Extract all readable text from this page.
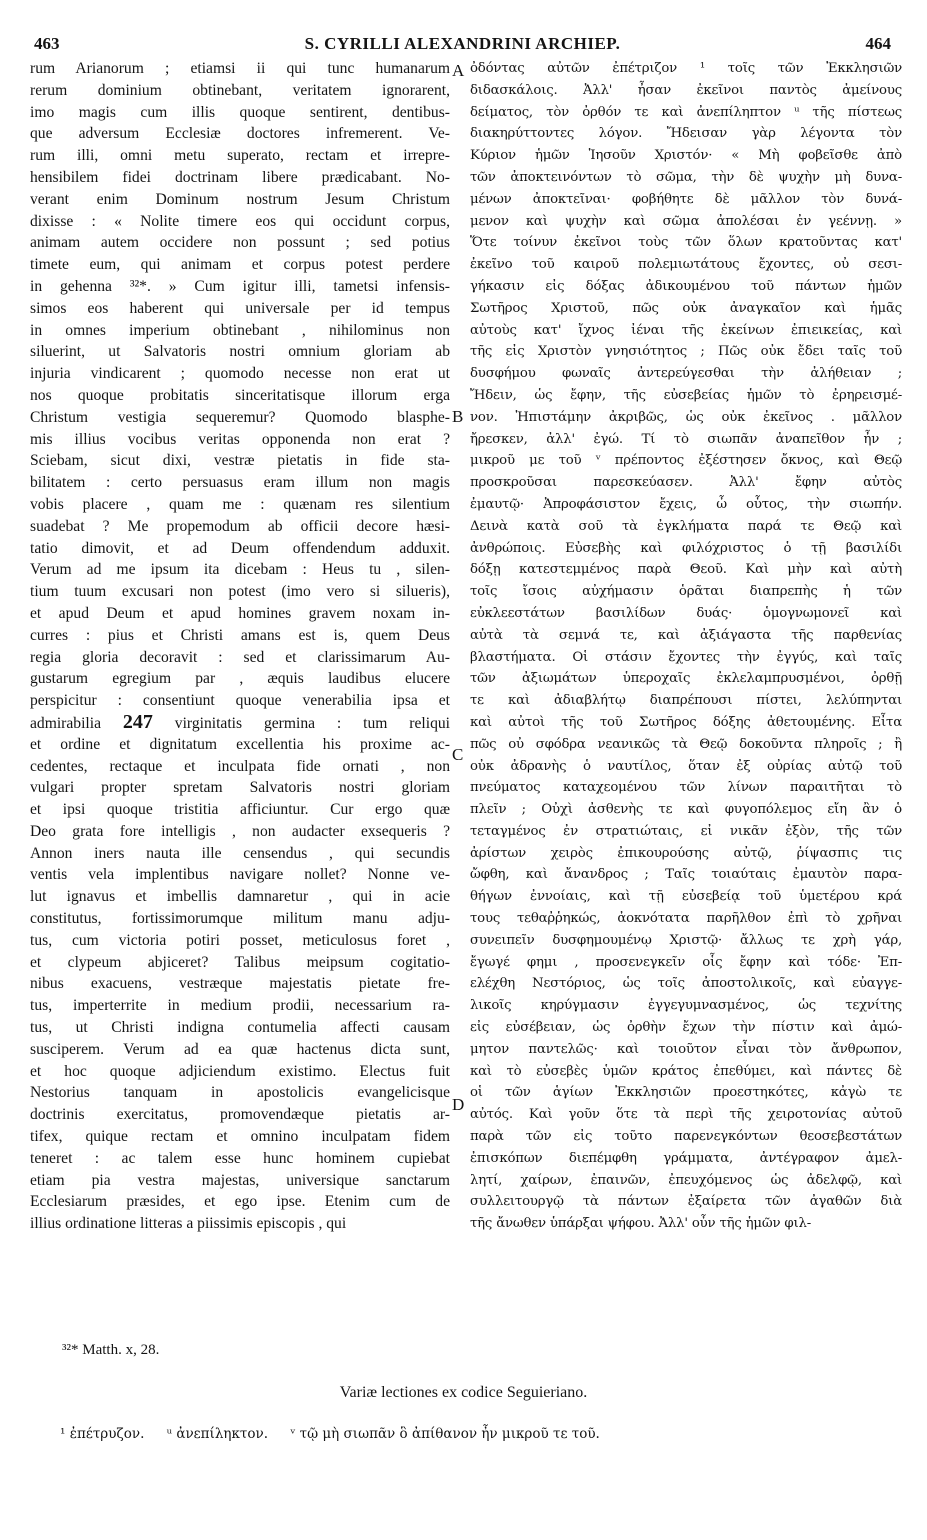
463	S. CYRILLI ALEXANDRINI ARCHIEP.	464
rum Arianorum ; etiamsi ii qui tunc humanarum
rerum dominium obtinebant, veritatem ignorarent,
imo magis cum illis quoque sentirent, dentibus-
que adversum Ecclesiæ doctores infremerent. Ve-
rum illi, omni metu superato, rectam et irrepre-
hensibilem fidei doctrinam libere prædicabant. No-
verant enim Dominum nostrum Jesum Christum
dixisse : « Nolite timere eos qui occidunt corpus,
animam autem occidere non possunt ; sed potius
timete eum, qui animam et corpus potest perdere
in gehenna ³²*. » Cum igitur illi, tametsi infensis-
simos eos haberent qui universale per id tempus
in omnes imperium obtinebant , nihilominus non
siluerint, ut Salvatoris nostri omnium gloriam ab
injuria vindicarent ; quomodo necesse non erat ut
nos quoque probitatis sinceritatisque illorum erga
Christum vestigia sequeremur? Quomodo blasphe-
mis illius vocibus veritas opponenda non erat ?
Sciebam, sicut dixi, vestræ pietatis in fide sta-
bilitatem : certo persuasus eram illum non magis
vobis placere , quam me : quænam res silentium
suadebat ? Me propemodum ab officii decore hæsi-
tatio dimovit, et ad Deum offendendum adduxit.
Verum ad me ipsum ita dicebam : Heus tu , silen-
tium tuum excusari non potest (imo vero si silueris),
et apud Deum et apud homines gravem noxam in-
curres : pius et Christi amans est is, quem Deus
regia gloria decoravit : sed et clarissimarum Au-
gustarum egregium par , æquis laudibus elucere
perspicitur : consentiunt quoque venerabilia ipsa et
admirabilia 247 virginitatis germina : tum reliqui
et ordine et dignitatum excellentia his proxime ac-
cedentes, rectaque et inculpata fide ornati , non
vulgari propter spretam Salvatoris nostri gloriam
et ipsi quoque tristitia afficiuntur. Cur ergo quæ
Deo grata fore intelligis , non audacter exsequeris ?
Annon iners nauta ille censendus , qui secundis
ventis vela implentibus navigare nollet? Nonne ve-
lut ignavus et imbellis damnaretur , qui in acie
constitutus, fortissimorumque militum manu adju-
tus, cum victoria potiri posset, meticulosus foret ,
et clypeum abjiceret? Talibus meipsum cogitatio-
nibus exacuens, vestræque majestatis pietate fre-
tus, imperterrite in medium prodii, necessarium ra-
tus, ut Christi indigna contumelia affecti causam
susciperem. Verum ad ea quæ hactenus dicta sunt,
et hoc quoque adjiciendum existimo. Electus fuit
Nestorius tanquam in apostolicis evangelicisque
doctrinis exercitatus, promovendæque pietatis ar-
tifex, quique rectam et omnino inculpatam fidem
teneret : ac talem esse hunc hominem cupiebat
etiam pia vestra majestas, universique sanctarum
Ecclesiarum præsides, et ego ipse. Etenim cum de
illius ordinatione litteras a piissimis episcopis , qui
ὀδόντας αὐτῶν ἐπέτριζον ¹ τοῖς τῶν Ἐκκλησιῶν
διδασκάλοις. Ἀλλ' ἦσαν ἐκεῖνοι παντὸς ἀμείνους
δείματος, τὸν ὀρθόν τε καὶ ἀνεπίληπτον ᵘ τῆς πίστεως
διακηρύττοντες λόγον. Ἤδεισαν γὰρ λέγοντα τὸν
Κύριον ἡμῶν Ἰησοῦν Χριστόν· « Μὴ φοβεῖσθε ἀπὸ
τῶν ἀποκτεινόντων τὸ σῶμα, τὴν δὲ ψυχὴν μὴ δυνα-
μένων ἀποκτεῖναι· φοβήθητε δὲ μᾶλλον τὸν δυνά-
μενον καὶ ψυχὴν καὶ σῶμα ἀπολέσαι ἐν γεέννῃ. »
Ὅτε τοίνυν ἐκεῖνοι τοὺς τῶν ὅλων κρατοῦντας κατ'
ἐκεῖνο τοῦ καιροῦ πολεμιωτάτους ἔχοντες, οὐ σεσι-
γήκασιν εἰς δόξας ἀδικουμένου τοῦ πάντων ἡμῶν
Σωτῆρος Χριστοῦ, πῶς οὐκ ἀναγκαῖον καὶ ἡμᾶς
αὐτοὺς κατ' ἴχνος ἰέναι τῆς ἐκείνων ἐπιεικείας, καὶ
τῆς εἰς Χριστὸν γνησιότητος ; Πῶς οὐκ ἔδει ταῖς τοῦ
δυσφήμου φωναῖς ἀντερεύγεσθαι τὴν ἀλήθειαν ;
Ἤδειν, ὡς ἔφην, τῆς εὐσεβείας ἡμῶν τὸ ἐρηρεισμέ-
νον. Ἠπιστάμην ἀκριβῶς, ὡς οὐκ ἐκεῖνος . μᾶλλον
ἤρεσκεν, ἀλλ' ἐγώ. Τί τὸ σιωπᾶν ἀναπεῖθον ἦν ;
μικροῦ με τοῦ ᵛ πρέποντος ἐξέστησεν ὄκνος, καὶ Θεῷ
προσκροῦσαι παρεσκεύασεν. Ἀλλ' ἔφην αὐτὸς
ἐμαυτῷ· Ἀπροφάσιστον ἔχεις, ὦ οὗτος, τὴν σιωπήν.
Δεινὰ κατὰ σοῦ τὰ ἐγκλήματα παρά τε Θεῷ καὶ
ἀνθρώποις. Εὐσεβὴς καὶ φιλόχριστος ὁ τῇ βασιλίδι
δόξῃ κατεστεμμένος παρὰ Θεοῦ. Καὶ μὴν καὶ αὐτὴ
τοῖς ἴσοις αὐχήμασιν ὁρᾶται διαπρεπὴς ἡ τῶν
εὐκλεεστάτων βασιλίδων δυάς· ὁμογνωμονεῖ καὶ
αὐτὰ τὰ σεμνά τε, καὶ ἀξιάγαστα τῆς παρθενίας
βλαστήματα. Οἱ στάσιν ἔχοντες τὴν ἐγγύς, καὶ ταῖς
τῶν ἀξιωμάτων ὑπεροχαῖς ἐκλελαμπρυσμένοι, ὀρθῇ
τε καὶ ἀδιαβλήτῳ διαπρέπουσι πίστει, λελύπηνται
καὶ αὐτοὶ τῆς τοῦ Σωτῆρος δόξης ἀθετουμένης. Εἶτα
πῶς οὐ σφόδρα νεανικῶς τὰ Θεῷ δοκοῦντα πληροῖς ; ἢ
οὐκ ἀδρανὴς ὁ ναυτίλος, ὅταν ἐξ οὐρίας αὐτῷ τοῦ
πνεύματος καταχεομένου τῶν λίνων παραιτῆται τὸ
πλεῖν ; Οὐχὶ ἀσθενὴς τε καὶ φυγοπόλεμος εἴη ἂν ὁ
τεταγμένος ἐν στρατιώταις, εἰ νικᾶν ἐξὸν, τῆς τῶν
ἀρίστων χειρὸς ἐπικουρούσης αὐτῷ, ῥίψασπις τις
ὤφθη, καὶ ἄνανδρος ; Ταῖς τοιαύταις ἐμαυτὸν παρα-
θήγων ἐννοίαις, καὶ τῇ εὐσεβείᾳ τοῦ ὑμετέρου κρά
τους τεθαῤῥηκώς, ἀοκνότατα παρῆλθον ἐπὶ τὸ χρῆναι
συνειπεῖν δυσφημουμένῳ Χριστῷ· ἄλλως τε χρὴ γάρ,
ἔγωγέ φημι , προσενεγκεῖν οἷς ἔφην καὶ τόδε· Ἐπ-
ελέχθη Νεστόριος, ὡς τοῖς ἀποστολικοῖς, καὶ εὐαγγε-
λικοῖς κηρύγμασιν ἐγγεγυμνασμένος, ὡς τεχνίτης
εἰς εὐσέβειαν, ὡς ὀρθὴν ἔχων τὴν πίστιν καὶ ἀμώ-
μητον παντελῶς· καὶ τοιοῦτον εἶναι τὸν ἄνθρωπον,
καὶ τὸ εὐσεβὲς ὑμῶν κράτος ἐπεθύμει, καὶ πάντες δὲ
οἱ τῶν ἁγίων Ἐκκλησιῶν προεστηκότες, κἀγὼ τε
αὐτός. Καὶ γοῦν ὅτε τὰ περὶ τῆς χειροτονίας αὐτοῦ
παρὰ τῶν εἰς τοῦτο παρενεγκόντων θεοσεβεστάτων
ἐπισκόπων διεπέμφθη γράμματα, ἀντέγραφον ἀμελ-
λητί, χαίρων, ἐπαινῶν, ἐπευχόμενος ὡς ἀδελφῷ, καὶ
συλλειτουργῷ τὰ πάντων ἐξαίρετα τῶν ἀγαθῶν διὰ
τῆς ἄνωθεν ὑπάρξαι ψήφου. Ἀλλ' οὖν τῆς ἡμῶν φιλ-
A
B
C
D
³²* Matth. x, 28.
Variæ lectiones ex codice Seguieriano.
¹ ἐπέτρυζον. ᵘ ἀνεπίληκτον. ᵛ τῷ μὴ σιωπᾶν ὃ ἀπίθανον ἦν μικροῦ τε τοῦ.
